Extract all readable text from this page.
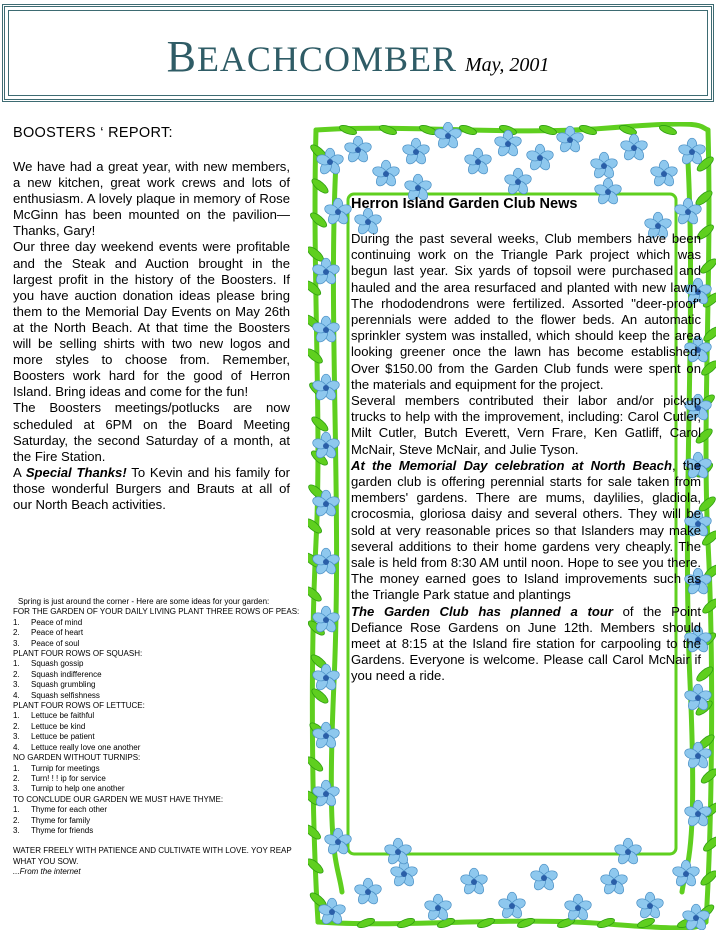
BEACHCOMBER May, 2001
BOOSTERS ‘ REPORT:

We have had a great year, with new members, a new kitchen, great work crews and lots of enthusiasm. A lovely plaque in memory of Rose McGinn has been mounted on the pavilion—Thanks, Gary!

Our three day weekend events were profitable and the Steak and Auction brought in the largest profit in the history of the Boosters. If you have auction donation ideas please bring them to the Memorial Day Events on May 26th at the North Beach. At that time the Boosters will be selling shirts with two new logos and more styles to choose from. Remember, Boosters work hard for the good of Herron Island. Bring ideas and come for the fun!

The Boosters meetings/potlucks are now scheduled at 6PM on the Board Meeting Saturday, the second Saturday of a month, at the Fire Station.

A Special Thanks! To Kevin and his family for those wonderful Burgers and Brauts at all of our North Beach activities.

Spring is just around the corner - Here are some ideas for your garden:
FOR THE GARDEN OF YOUR DAILY LIVING PLANT THREE ROWS OF PEAS:
1. Peace of mind
2. Peace of heart
3. Peace of soul
PLANT FOUR ROWS OF SQUASH:
1. Squash gossip
2. Squash indifference
3. Squash grumbling
4. Squash selfishness
PLANT FOUR ROWS OF LETTUCE:
1. Lettuce be faithful
2. Lettuce be kind
3. Lettuce be patient
4. Lettuce really love one another
NO GARDEN WITHOUT TURNIPS:
1. Turnip for meetings
2. Turn! ! ! ip for service
3. Turnip to help one another
TO CONCLUDE OUR GARDEN WE MUST HAVE THYME:
1. Thyme for each other
2. Thyme for family
3. Thyme for friends
WATER FREELY WITH PATIENCE AND CULTIVATE WITH LOVE. YOY REAP WHAT YOU SOW.
...From the internet
Herron Island Garden Club News

During the past several weeks, Club members have been continuing work on the Triangle Park project which was begun last year. Six yards of topsoil were purchased and hauled and the area resurfaced and planted with new lawn. The rhododendrons were fertilized. Assorted "deer-proof" perennials were added to the flower beds. An automatic sprinkler system was installed, which should keep the area looking greener once the lawn has become established. Over $150.00 from the Garden Club funds were spent on the materials and equipment for the project.

Several members contributed their labor and/or pickup trucks to help with the improvement, including: Carol Cutler, Milt Cutler, Butch Everett, Vern Frare, Ken Gatliff, Carol McNair, Steve McNair, and Julie Tyson.

At the Memorial Day celebration at North Beach, the garden club is offering perennial starts for sale taken from members' gardens. There are mums, daylilies, gladiola, crocosmia, gloriosa daisy and several others. They will be sold at very reasonable prices so that Islanders may make several additions to their home gardens very cheaply. The sale is held from 8:30 AM until noon. Hope to see you there. The money earned goes to Island improvements such as the Triangle Park statue and plantings

The Garden Club has planned a tour of the Point Defiance Rose Gardens on June 12th. Members should meet at 8:15 at the Island fire station for carpooling to the Gardens. Everyone is welcome. Please call Carol McNair if you need a ride.
